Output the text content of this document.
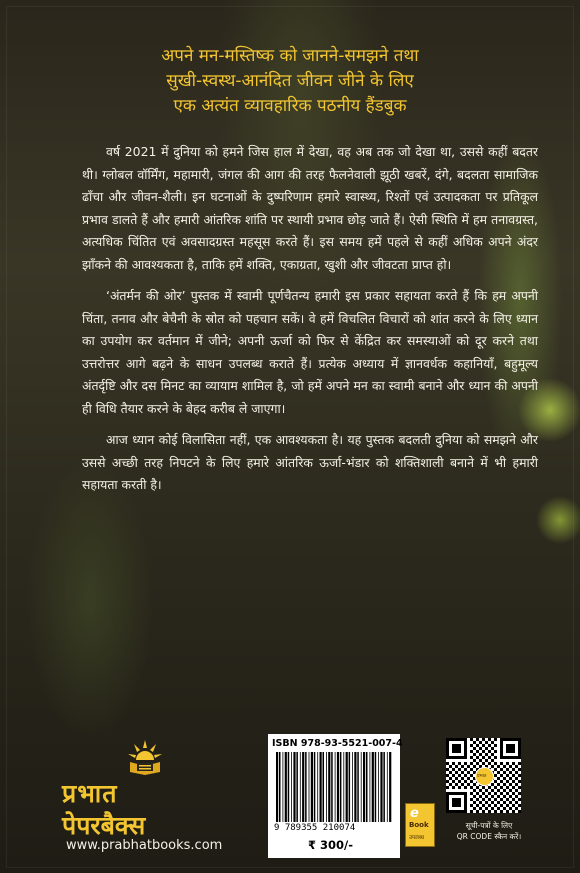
अपने मन-मस्तिष्क को जानने-समझने तथा
सुखी-स्वस्थ-आनंदित जीवन जीने के लिए
एक अत्यंत व्यावहारिक पठनीय हैंडबुक

वर्ष 2021 में दुनिया को हमने जिस हाल में देखा, वह अब तक जो देखा था, उससे कहीं बदतर थी। ग्लोबल वॉर्मिंग, महामारी, जंगल की आग की तरह फैलनेवाली झूठी खबरें, दंगे, बदलता सामाजिक ढाँचा और जीवन-शैली। इन घटनाओं के दुष्परिणाम हमारे स्वास्थ्य, रिश्तों एवं उत्पादकता पर प्रतिकूल प्रभाव डालते हैं और हमारी आंतरिक शांति पर स्थायी प्रभाव छोड़ जाते हैं। ऐसी स्थिति में हम तनावग्रस्त, अत्यधिक चिंतित एवं अवसादग्रस्त महसूस करते हैं। इस समय हमें पहले से कहीं अधिक अपने अंदर झाँकने की आवश्यकता है, ताकि हमें शक्ति, एकाग्रता, खुशी और जीवटता प्राप्त हो।

‘अंतर्मन की ओर’ पुस्तक में स्वामी पूर्णचैतन्य हमारी इस प्रकार सहायता करते हैं कि हम अपनी चिंता, तनाव और बेचैनी के स्रोत को पहचान सकें। वे हमें विचलित विचारों को शांत करने के लिए ध्यान का उपयोग कर वर्तमान में जीने; अपनी ऊर्जा को फिर से केंद्रित कर समस्याओं को दूर करने तथा उत्तरोत्तर आगे बढ़ने के साधन उपलब्ध कराते हैं। प्रत्येक अध्याय में ज्ञानवर्धक कहानियाँ, बहुमूल्य अंतर्दृष्टि और दस मिनट का व्यायाम शामिल है, जो हमें अपने मन का स्वामी बनाने और ध्यान की अपनी ही विधि तैयार करने के बेहद करीब ले जाएगा।

आज ध्यान कोई विलासिता नहीं, एक आवश्यकता है। यह पुस्तक बदलती दुनिया को समझने और उससे अच्छी तरह निपटने के लिए हमारे आंतरिक ऊर्जा-भंडार को शक्तिशाली बनाने में भी हमारी सहायता करती है।

प्रभात
पेपरबैक्स
www.prabhatbooks.com
ISBN 978-93-5521-007-4
9 789355 210074
₹ 300/-
e
Book
उपलब्ध
प्रभात
सूची-पत्रों के लिए
QR CODE स्कैन करें।
